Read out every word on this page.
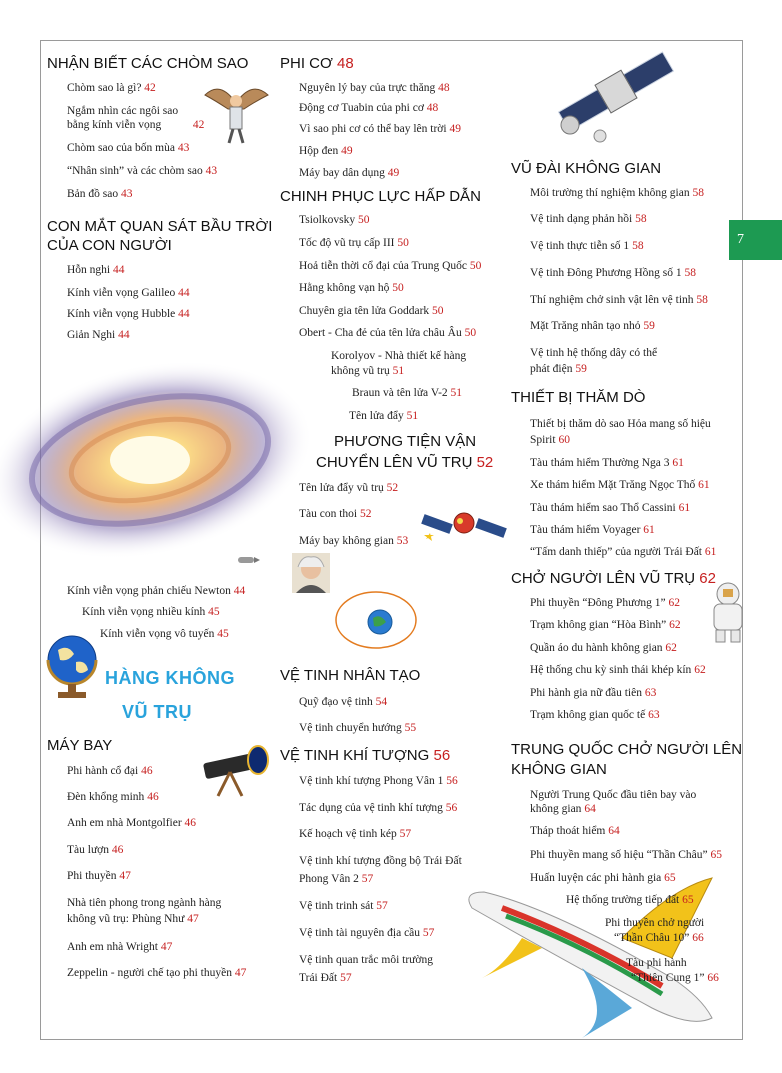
7
NHẬN BIẾT CÁC CHÒM SAO
Chòm sao là gì? 42
Ngắm nhìn các ngôi sao
bằng kính viễn vọng	42
Chòm sao của bốn mùa 43
“Nhân sinh” và các chòm sao 43
Bản đồ sao 43
CON MẮT QUAN SÁT BẦU TRỜI
CỦA CON NGƯỜI
Hỗn nghi 44
Kính viễn vọng Galileo 44
Kính viễn vọng Hubble 44
Giản Nghi 44
Kính viễn vọng phản chiếu Newton 44
Kính viễn vọng nhiều kính 45
Kính viễn vọng vô tuyến 45
HÀNG KHÔNG
VŨ TRỤ
MÁY BAY
Phi hành cổ đại 46
Đèn khổng minh 46
Anh em nhà Montgolfier 46
Tàu lượn 46
Phi thuyền 47
Nhà tiên phong trong ngành hàng
không vũ trụ: Phùng Như 47
Anh em nhà Wright 47
Zeppelin - người chế tạo phi thuyền 47
PHI CƠ 48
Nguyên lý bay của trực thăng 48
Động cơ Tuabin của phi cơ 48
Vì sao phi cơ có thể bay lên trời 49
Hộp đen 49
Máy bay dân dụng 49
CHINH PHỤC LỰC HẤP DẪN
Tsiolkovsky 50
Tốc độ vũ trụ cấp III 50
Hoả tiễn thời cổ đại của Trung Quốc 50
Hằng không vạn hộ 50
Chuyên gia tên lửa Goddark 50
Obert - Cha đẻ của tên lửa châu Âu 50
Korolyov - Nhà thiết kế hàng
không vũ trụ 51
Braun và tên lửa V-2 51
Tên lửa đẩy 51
PHƯƠNG TIỆN VẬN
CHUYỂN LÊN VŨ TRỤ 52
Tên lửa đẩy vũ trụ 52
Tàu con thoi 52
Máy bay không gian 53
VỆ TINH NHÂN TẠO
Quỹ đạo vệ tinh 54
Vệ tinh chuyển hướng 55
VỆ TINH KHÍ TƯỢNG 56
Vệ tinh khí tượng Phong Vân 1 56
Tác dụng của vệ tinh khí tượng 56
Kế hoạch vệ tinh kép 57
Vệ tinh khí tượng đồng bộ Trái Đất
Phong Vân 2 57
Vệ tinh trinh sát 57
Vệ tinh tài nguyên địa cầu 57
Vệ tinh quan trắc môi trường
Trái Đất 57
VŨ ĐÀI KHÔNG GIAN
Môi trường thí nghiệm không gian 58
Vệ tinh dạng phản hồi 58
Vệ tinh thực tiễn số 1 58
Vệ tinh Đông Phương Hồng số 1 58
Thí nghiệm chở sinh vật lên vệ tinh 58
Mặt Trăng nhân tạo nhỏ 59
Vệ tinh hệ thống dây có thể
phát điện 59
THIẾT BỊ THĂM DÒ
Thiết bị thăm dò sao Hỏa mang số hiệu
Spirit 60
Tàu thám hiểm Thường Nga 3 61
Xe thám hiểm Mặt Trăng Ngọc Thố 61
Tàu thám hiểm sao Thổ Cassini 61
Tàu thám hiểm Voyager 61
“Tấm danh thiếp” của người Trái Đất 61
CHỞ NGƯỜI LÊN VŨ TRỤ 62
Phi thuyền “Đông Phương 1” 62
Trạm không gian “Hòa Bình” 62
Quần áo du hành không gian 62
Hệ thống chu kỳ sinh thái khép kín 62
Phi hành gia nữ đầu tiên 63
Trạm không gian quốc tế 63
TRUNG QUỐC CHỞ NGƯỜI LÊN
KHÔNG GIAN
Người Trung Quốc đầu tiên bay vào
không gian 64
Tháp thoát hiểm 64
Phi thuyền mang số hiệu “Thần Châu” 65
Huấn luyện các phi hành gia 65
Hệ thống trường tiếp đất 65
Phi thuyền chở người
“Thần Châu 10” 66
Tàu phi hành
“Thiên Cung 1” 66
